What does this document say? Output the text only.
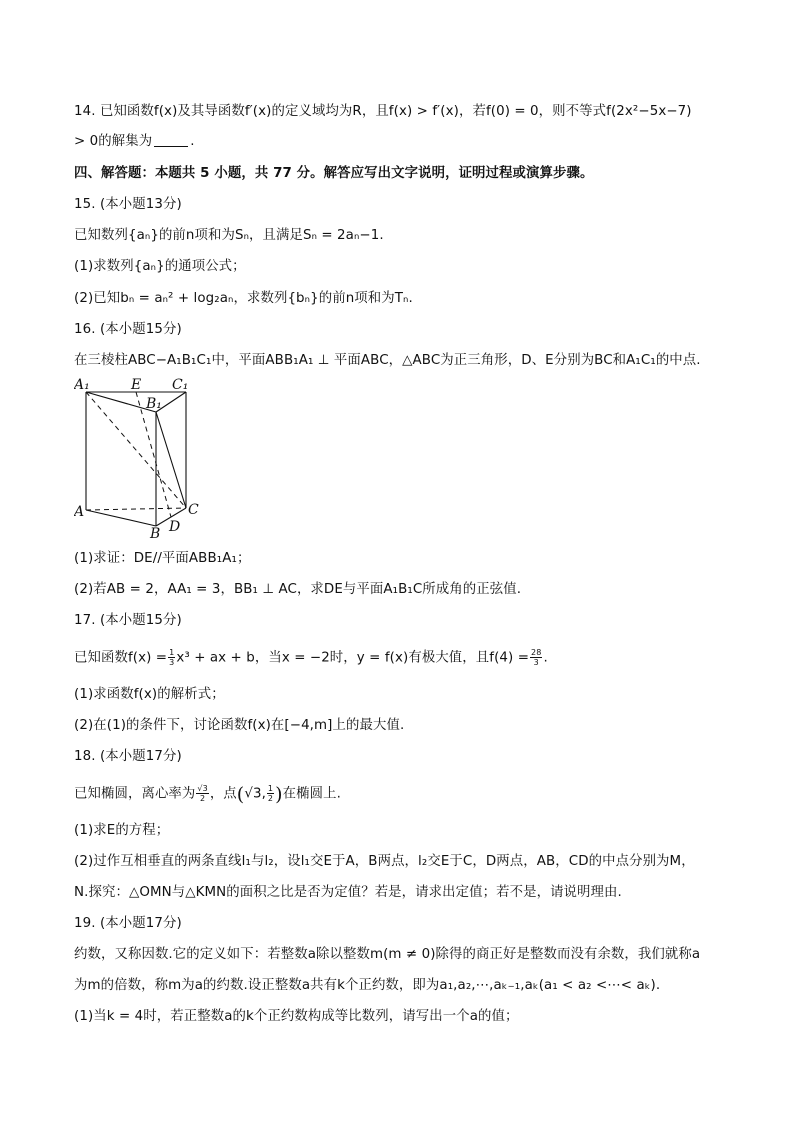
14. 已知函数f(x)及其导函数f′(x)的定义域均为R，且f(x) > f′(x)，若f(0) = 0，则不等式f(2x²−5x−7)
> 0的解集为	.
四、解答题：本题共 5 小题，共 77 分。解答应写出文字说明，证明过程或演算步骤。
15. (本小题13分)
已知数列{aₙ}的前n项和为Sₙ，且满足Sₙ = 2aₙ−1.
(1)求数列{aₙ}的通项公式；
(2)已知bₙ = aₙ² + log₂aₙ，求数列{bₙ}的前n项和为Tₙ.
16. (本小题15分)
在三棱柱ABC−A₁B₁C₁中，平面ABB₁A₁ ⊥ 平面ABC，△ABC为正三角形，D、E分别为BC和A₁C₁的中点.
A₁	E C₁
B₁
A
B
C
D
(1)求证：DE//平面ABB₁A₁；
(2)若AB = 2，AA₁ = 3，BB₁ ⊥ AC，求DE与平面A₁B₁C所成角的正弦值.
17. (本小题15分)
已知函数$f(x) = \frac{1}{3} x^3$ + ax + b，当x = −2时，y = f(x)有极大值，且$f(4) = \frac{28}{3}$ .
(1)求函数f(x)的解析式；
(2)在(1)的条件下，讨论函数f(x)在[−4,m]上的最大值.
18. (本小题17分)
已知椭圆，离心率为 $\frac{√3}{2}$ ，点(√3, $\frac{1}{2}$ )在椭圆上.
(1)求E的方程；
(2)过作互相垂直的两条直线l₁与l₂，设l₁交E于A，B两点，l₂交E于C，D两点，AB，CD的中点分别为M，
N.探究：△OMN与△KMN的面积之比是否为定值？若是，请求出定值；若不是，请说明理由.
19. (本小题17分)
约数，又称因数.它的定义如下：若整数a除以整数m(m ≠ 0)除得的商正好是整数而没有余数，我们就称a
为m的倍数，称m为a的约数.设正整数a共有k个正约数，即为a₁,a₂,⋯,aₖ₋₁,aₖ(a₁ < a₂ <⋯< aₖ).
(1)当k = 4时，若正整数a的k个正约数构成等比数列，请写出一个a的值；
